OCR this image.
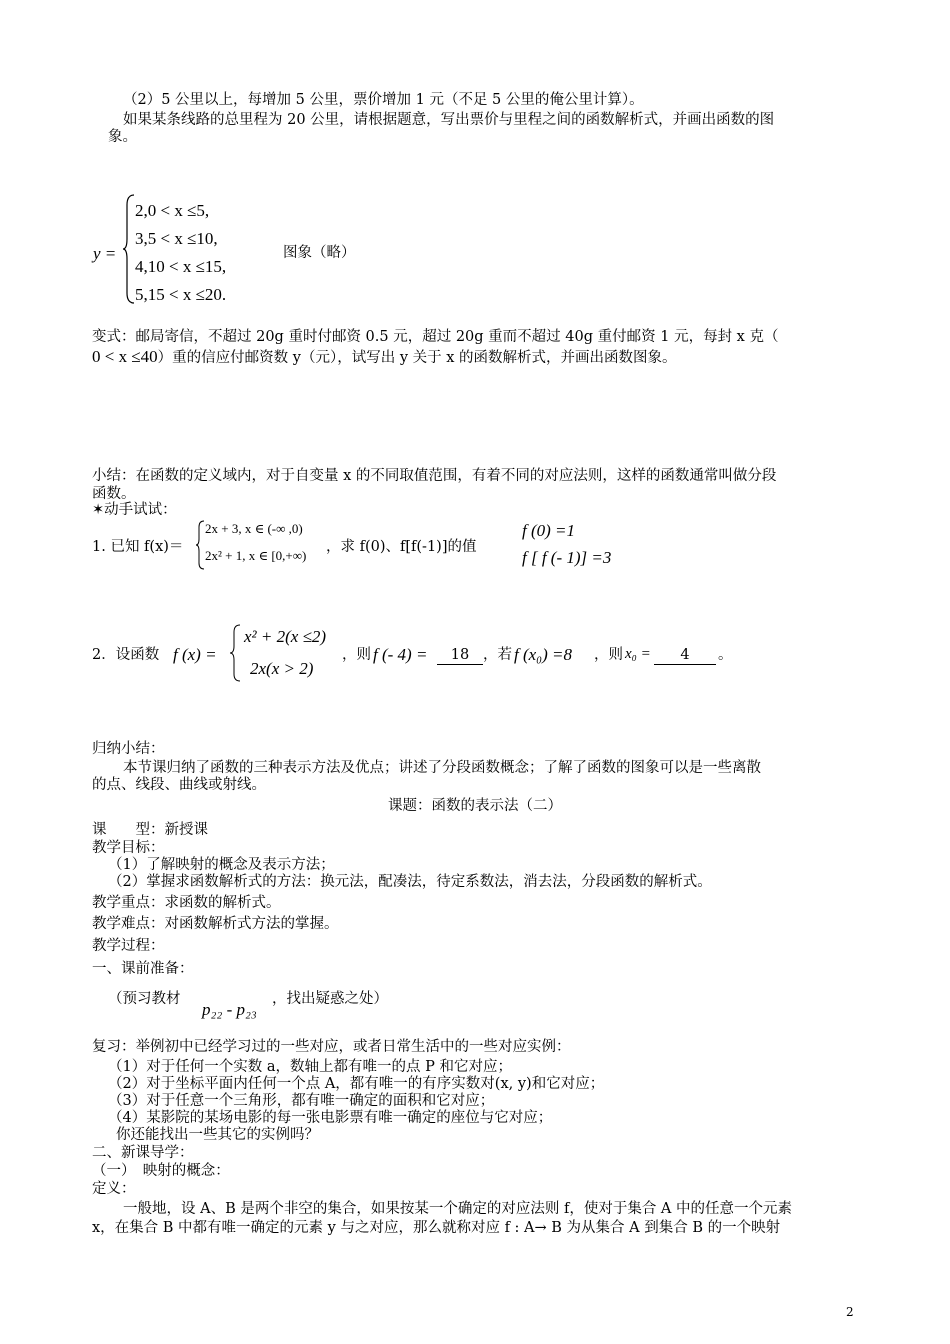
（2）5 公里以上，每增加 5 公里，票价增加 1 元（不足 5 公里的俺公里计算）。
如果某条线路的总里程为 20 公里，请根据题意，写出票价与里程之间的函数解析式，并画出函数的图
象。
y =
2,0 < x ≤5,
3,5 < x ≤10,
4,10 < x ≤15,
5,15 < x ≤20.
图象（略）
变式：邮局寄信，不超过 20g 重时付邮资 0.5 元，超过 20g 重而不超过 40g 重付邮资 1 元，每封 x 克（
0 < x ≤40）重的信应付邮资数 y（元），试写出 y 关于 x 的函数解析式，并画出函数图象。
小结：在函数的定义域内，对于自变量 x 的不同取值范围，有着不同的对应法则，这样的函数通常叫做分段
函数。
✶动手试试：
1. 已知 f(x)＝
2x + 3, x ∈ (-∞ ,0)
2x² + 1, x ∈ [0,+∞)
，求 f(0)、f[f(-1)]的值
f (0) =1
f [ f (- 1)] =3
2．设函数 f (x) =
x² + 2(x ≤2)
2x(x > 2)
，则 f (- 4) =	18 ，若 f (x₀) =8 ，则 x₀ =	4	。
归纳小结：
本节课归纳了函数的三种表示方法及优点；讲述了分段函数概念；了解了函数的图象可以是一些离散
的点、线段、曲线或射线。
课题：函数的表示法（二）
课　　型：新授课
教学目标：
（1）了解映射的概念及表示方法；
（2）掌握求函数解析式的方法：换元法，配凑法，待定系数法，消去法，分段函数的解析式。
教学重点：求函数的解析式。
教学难点：对函数解析式方法的掌握。
教学过程：
一、课前准备：
（预习教材
p₂₂ - p₂₃
，找出疑惑之处）
复习：举例初中已经学习过的一些对应，或者日常生活中的一些对应实例：
（1）对于任何一个实数 a，数轴上都有唯一的点 P 和它对应；
（2）对于坐标平面内任何一个点 A，都有唯一的有序实数对(x, y)和它对应；
（3）对于任意一个三角形，都有唯一确定的面积和它对应；
（4）某影院的某场电影的每一张电影票有唯一确定的座位与它对应；
你还能找出一些其它的实例吗？
二、新课导学：
（一）　映射的概念：
定义：
一般地，设 A、B 是两个非空的集合，如果按某一个确定的对应法则 f，使对于集合 A 中的任意一个元素
x，在集合 B 中都有唯一确定的元素 y 与之对应，那么就称对应 f : A→ B 为从集合 A 到集合 B 的一个映射
2
